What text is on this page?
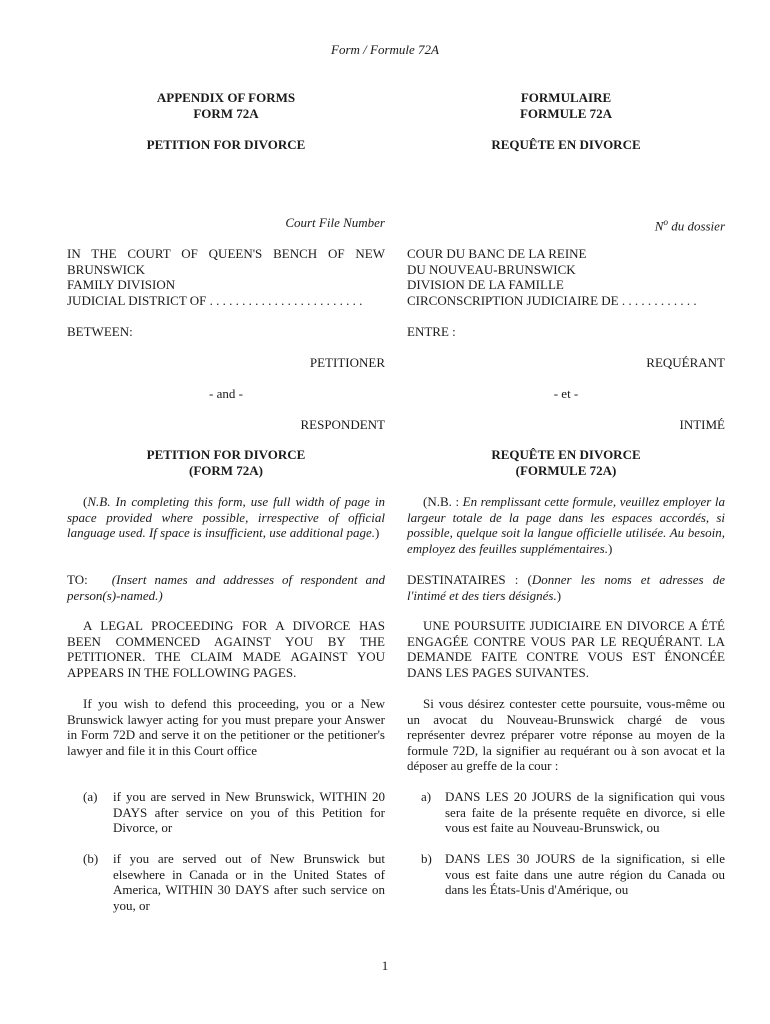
Form / Formule 72A
APPENDIX OF FORMS
FORM 72A
PETITION FOR DIVORCE
Court File Number
IN THE COURT OF QUEEN'S BENCH OF NEW
BRUNSWICK
FAMILY DIVISION
JUDICIAL DISTRICT OF . . . . . . . . . . . . . . . . . . . . . . . .
BETWEEN:
PETITIONER
- and -
RESPONDENT
PETITION FOR DIVORCE
(FORM 72A)
(N.B. In completing this form, use full width of page in space provided where possible, irrespective of official language used. If space is insufficient, use additional page.)
TO: (Insert names and addresses of respondent and person(s)-named.)
A LEGAL PROCEEDING FOR A DIVORCE HAS BEEN COMMENCED AGAINST YOU BY THE PETITIONER. THE CLAIM MADE AGAINST YOU APPEARS IN THE FOLLOWING PAGES.
If you wish to defend this proceeding, you or a New Brunswick lawyer acting for you must prepare your Answer in Form 72D and serve it on the petitioner or the petitioner's lawyer and file it in this Court office
(a) if you are served in New Brunswick, WITHIN 20 DAYS after service on you of this Petition for Divorce, or
(b) if you are served out of New Brunswick but elsewhere in Canada or in the United States of America, WITHIN 30 DAYS after such service on you, or
FORMULAIRE
FORMULE 72A
REQUÊTE EN DIVORCE
$N^o$ du dossier
COUR DU BANC DE LA REINE
DU NOUVEAU-BRUNSWICK
DIVISION DE LA FAMILLE
CIRCONSCRIPTION JUDICIAIRE DE . . . . . . . . . . . .
ENTRE :
REQUÉRANT
- et -
INTIMÉ
REQUÊTE EN DIVORCE
(FORMULE 72A)
(N.B. : En remplissant cette formule, veuillez employer la largeur totale de la page dans les espaces accordés, si possible, quelque soit la langue officielle utilisée. Au besoin, employez des feuilles supplémentaires.)
DESTINATAIRES : (Donner les noms et adresses de l'intimé et des tiers désignés.)
UNE POURSUITE JUDICIAIRE EN DIVORCE A ÉTÉ ENGAGÉE CONTRE VOUS PAR LE REQUÉRANT. LA DEMANDE FAITE CONTRE VOUS EST ÉNONCÉE DANS LES PAGES SUIVANTES.
Si vous désirez contester cette poursuite, vous-même ou un avocat du Nouveau-Brunswick chargé de vous représenter devrez préparer votre réponse au moyen de la formule 72D, la signifier au requérant ou à son avocat et la déposer au greffe de la cour :
a) DANS LES 20 JOURS de la signification qui vous sera faite de la présente requête en divorce, si elle vous est faite au Nouveau-Brunswick, ou
b) DANS LES 30 JOURS de la signification, si elle vous est faite dans une autre région du Canada ou dans les États-Unis d'Amérique, ou
1
